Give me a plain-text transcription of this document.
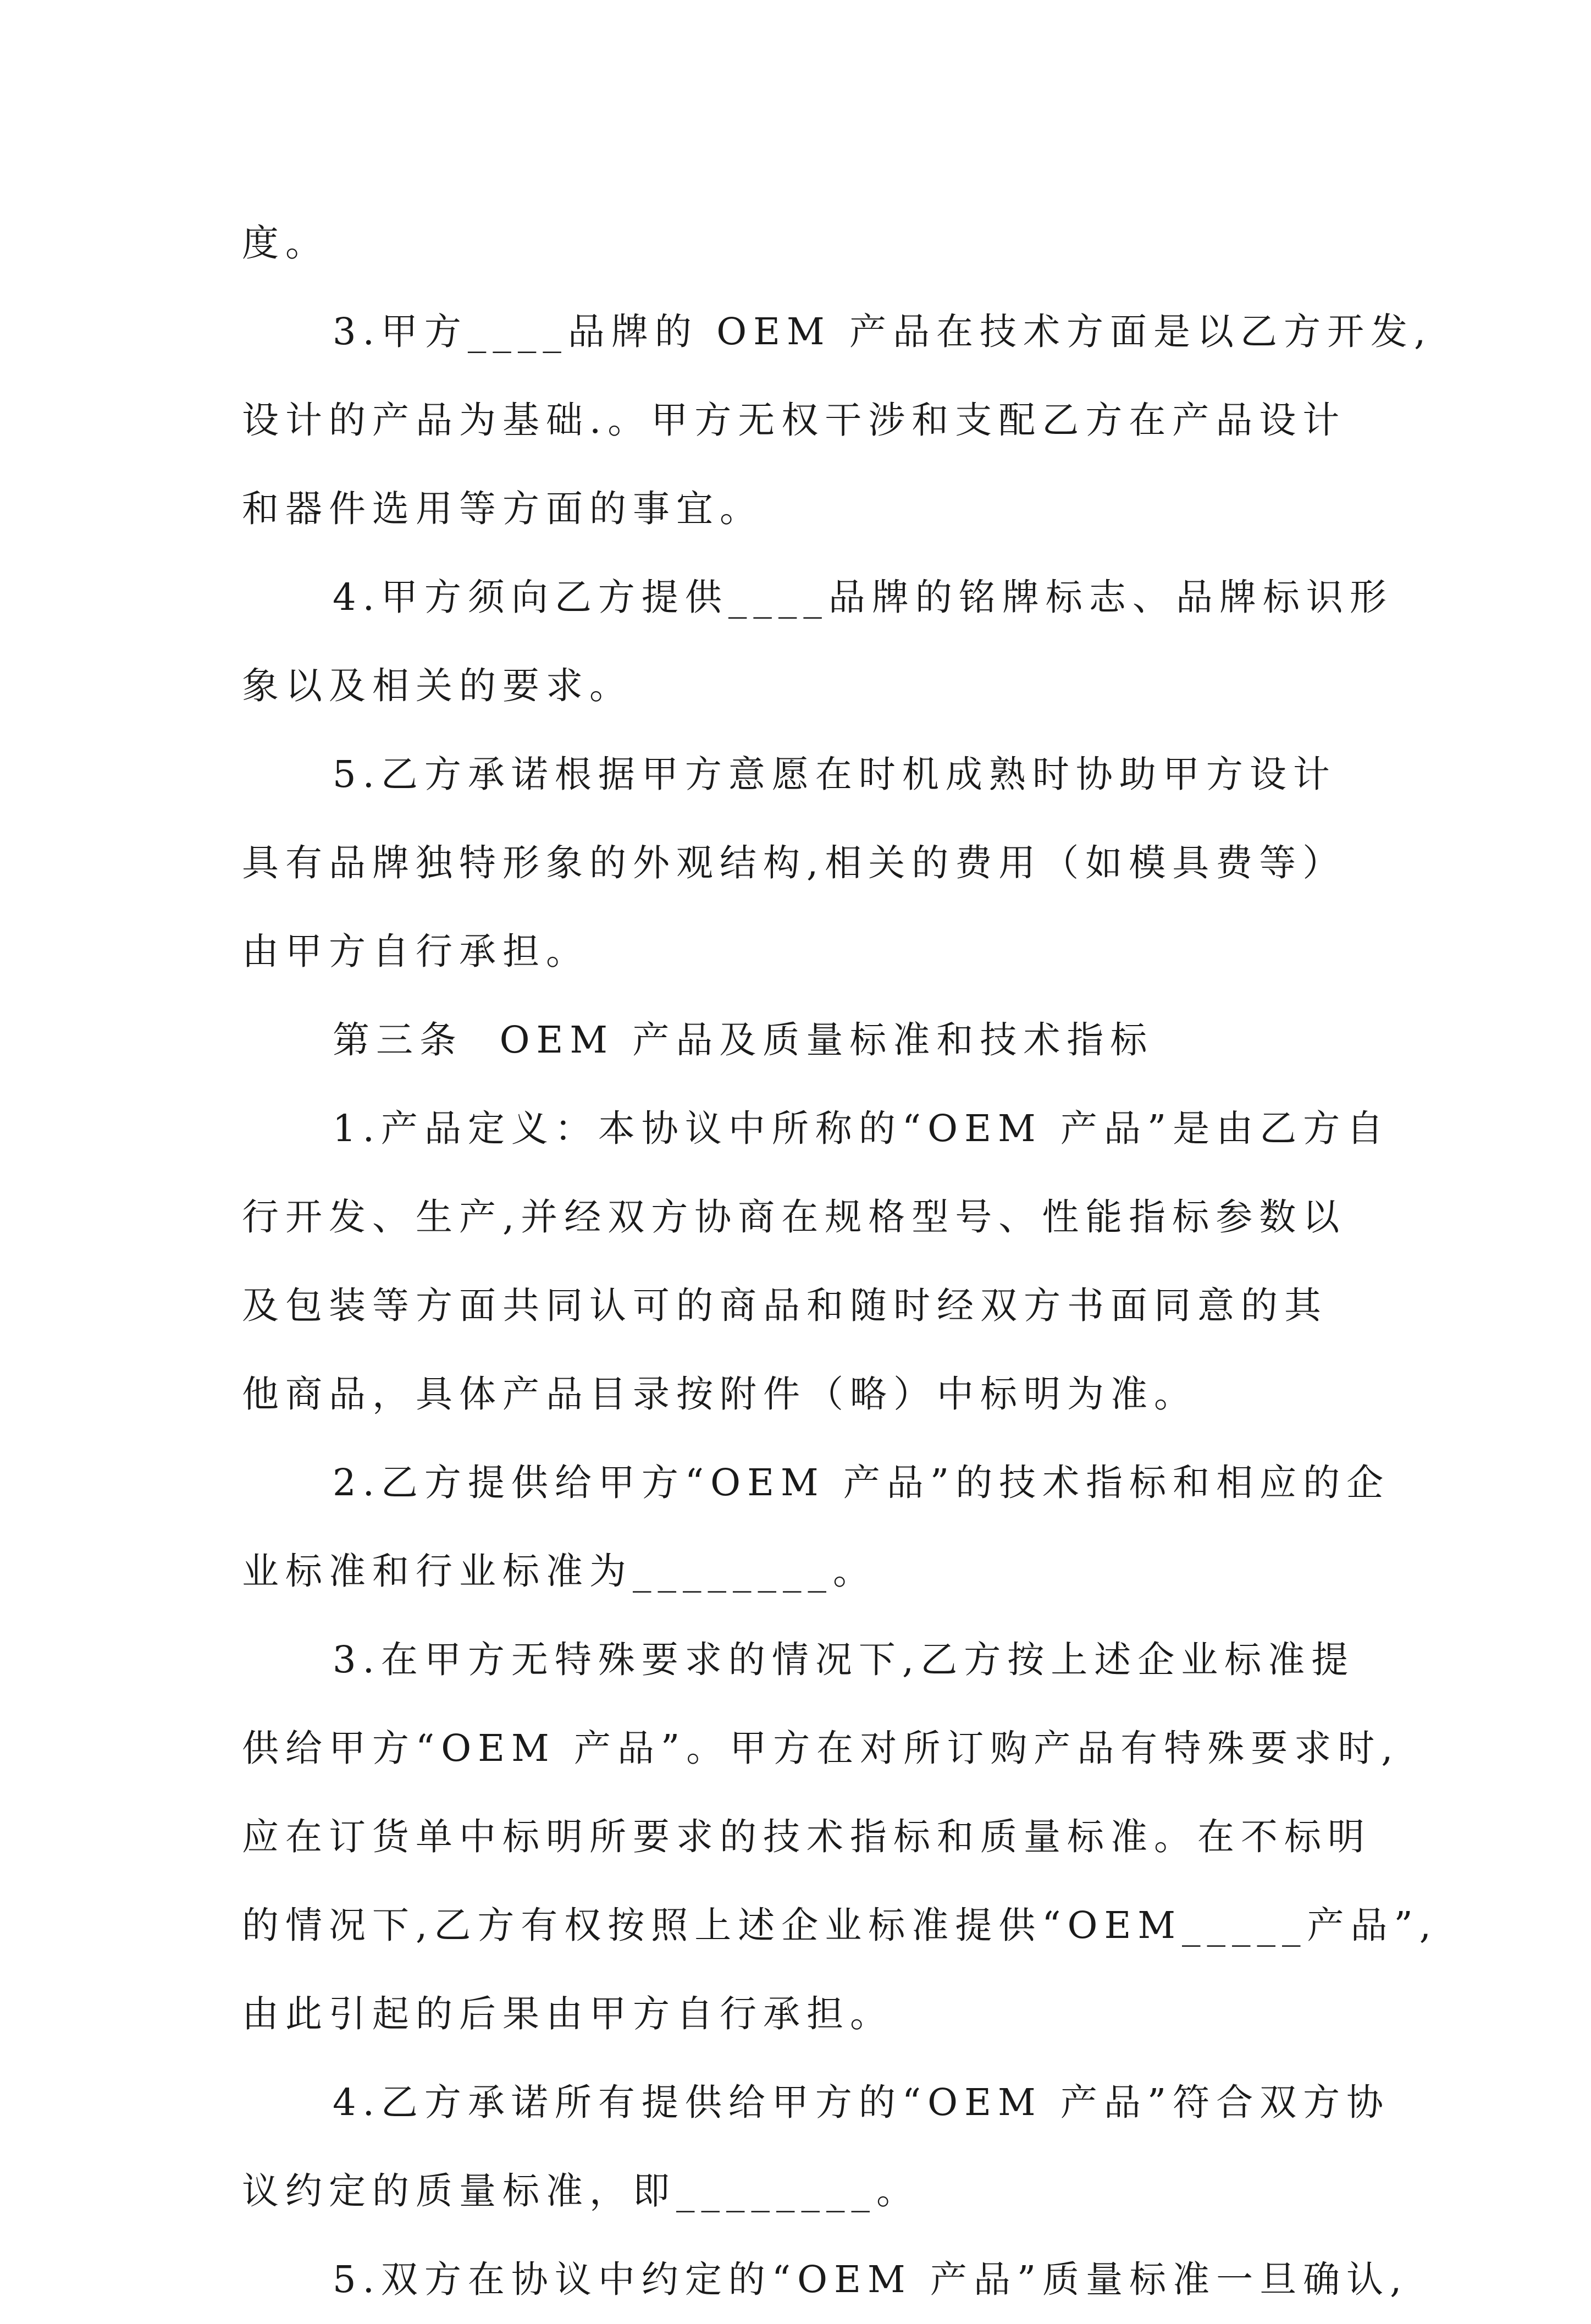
度。
3.甲方____品牌的 OEM 产品在技术方面是以乙方开发,
设计的产品为基础.。甲方无权干涉和支配乙方在产品设计
和器件选用等方面的事宜。
4.甲方须向乙方提供____品牌的铭牌标志、品牌标识形
象以及相关的要求。
5.乙方承诺根据甲方意愿在时机成熟时协助甲方设计
具有品牌独特形象的外观结构,相关的费用（如模具费等）
由甲方自行承担。
第三条  OEM 产品及质量标准和技术指标
1.产品定义：本协议中所称的“OEM 产品”是由乙方自
行开发、生产,并经双方协商在规格型号、性能指标参数以
及包装等方面共同认可的商品和随时经双方书面同意的其
他商品，具体产品目录按附件（略）中标明为准。
2.乙方提供给甲方“OEM 产品”的技术指标和相应的企
业标准和行业标准为________。
3.在甲方无特殊要求的情况下,乙方按上述企业标准提
供给甲方“OEM 产品”。甲方在对所订购产品有特殊要求时,
应在订货单中标明所要求的技术指标和质量标准。在不标明
的情况下,乙方有权按照上述企业标准提供“OEM_____产品”,
由此引起的后果由甲方自行承担。
4.乙方承诺所有提供给甲方的“OEM 产品”符合双方协
议约定的质量标准，即________。
5.双方在协议中约定的“OEM 产品”质量标准一旦确认,
